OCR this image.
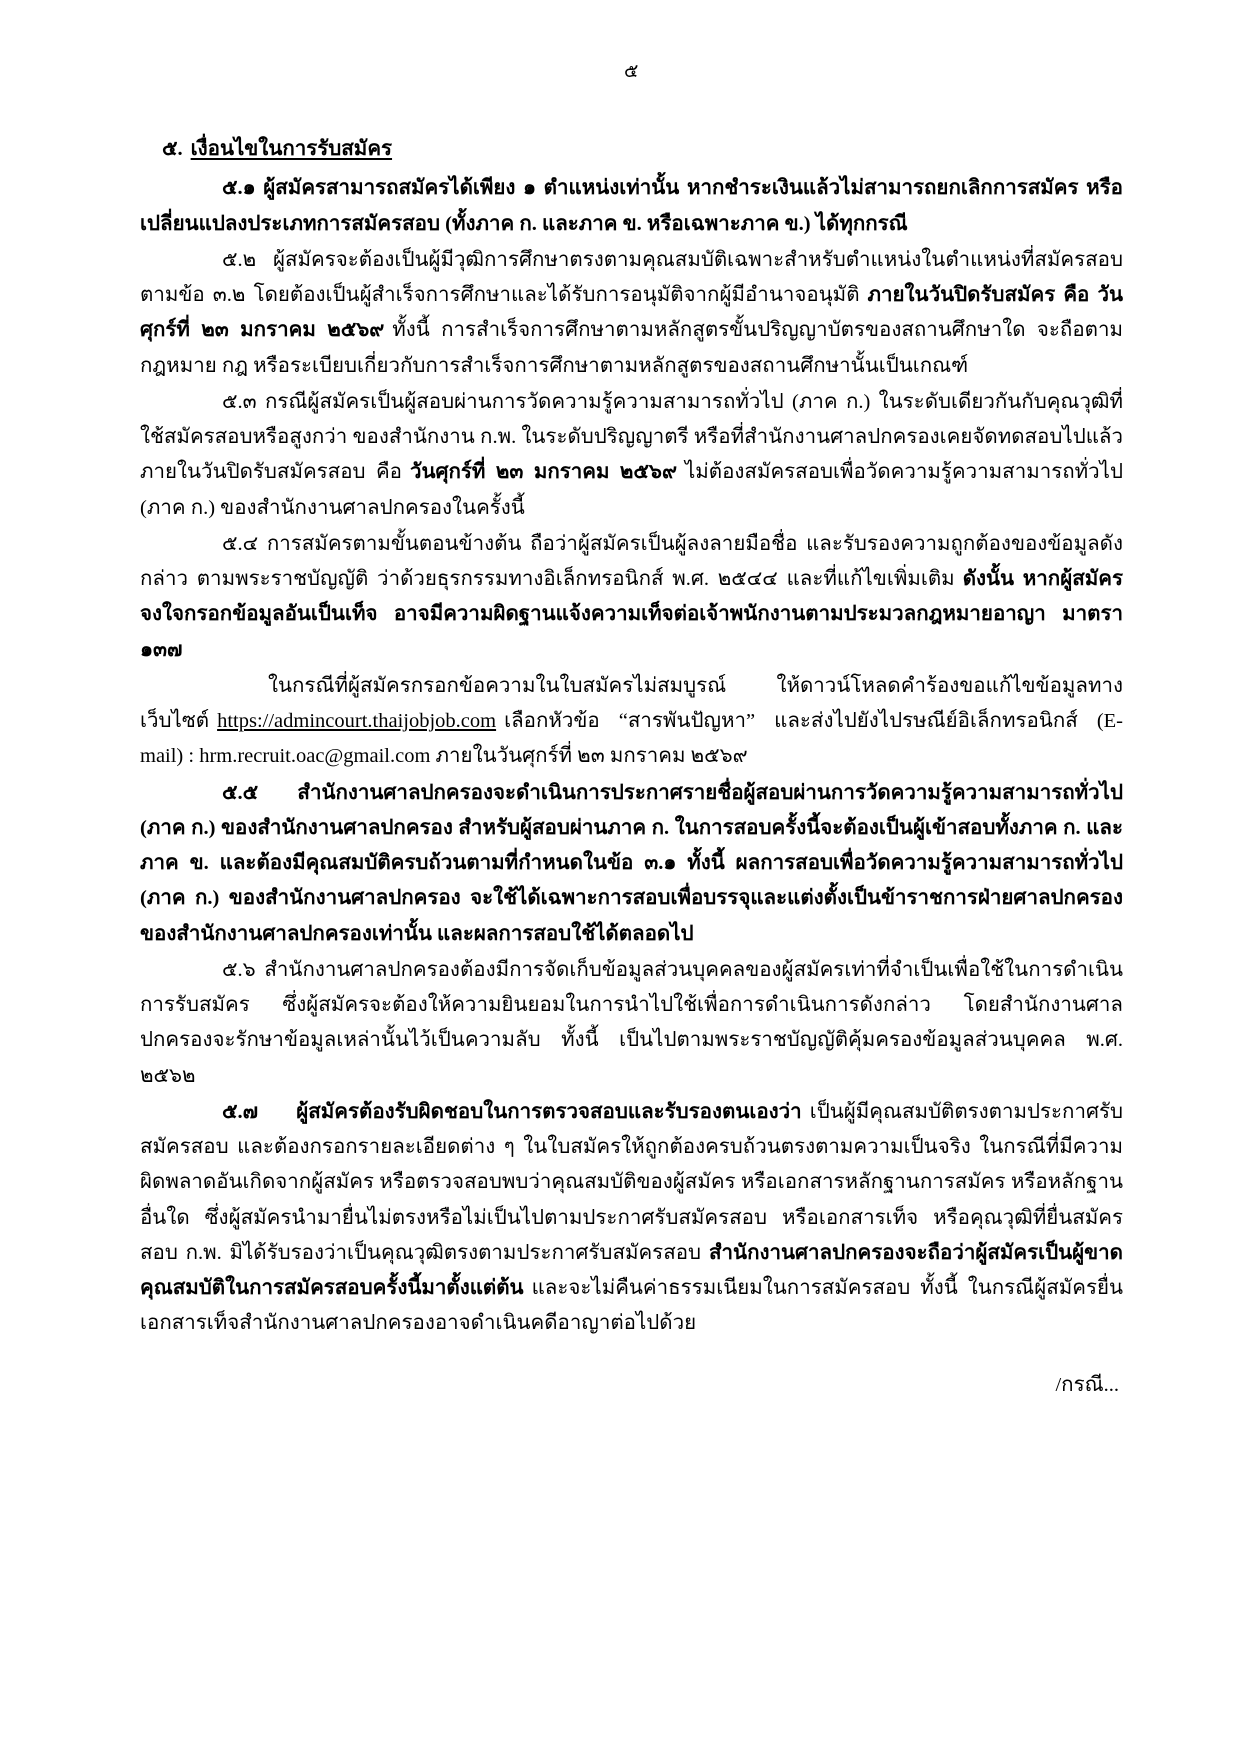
๕
๕. เงื่อนไขในการรับสมัคร

๕.๑ ผู้สมัครสามารถสมัครได้เพียง ๑ ตำแหน่งเท่านั้น หากชำระเงินแล้วไม่สามารถยกเลิกการสมัคร หรือเปลี่ยนแปลงประเภทการสมัครสอบ (ทั้งภาค ก. และภาค ข. หรือเฉพาะภาค ข.) ได้ทุกกรณี

๕.๒ ผู้สมัครจะต้องเป็นผู้มีวุฒิการศึกษาตรงตามคุณสมบัติเฉพาะสำหรับตำแหน่งในตำแหน่งที่สมัครสอบ ตามข้อ ๓.๒ โดยต้องเป็นผู้สำเร็จการศึกษาและได้รับการอนุมัติจากผู้มีอำนาจอนุมัติ ภายในวันปิดรับสมัคร คือ วันศุกร์ที่ ๒๓ มกราคม ๒๕๖๙ ทั้งนี้ การสำเร็จการศึกษาตามหลักสูตรขั้นปริญญาบัตรของสถานศึกษาใด จะถือตามกฎหมาย กฎ หรือระเบียบเกี่ยวกับการสำเร็จการศึกษาตามหลักสูตรของสถานศึกษานั้นเป็นเกณฑ์

๕.๓ กรณีผู้สมัครเป็นผู้สอบผ่านการวัดความรู้ความสามารถทั่วไป (ภาค ก.) ในระดับเดียวกันกับคุณวุฒิที่ใช้สมัครสอบหรือสูงกว่า ของสำนักงาน ก.พ. ในระดับปริญญาตรี หรือที่สำนักงานศาลปกครองเคยจัดทดสอบไปแล้ว ภายในวันปิดรับสมัครสอบ คือ วันศุกร์ที่ ๒๓ มกราคม ๒๕๖๙ ไม่ต้องสมัครสอบเพื่อวัดความรู้ความสามารถทั่วไป (ภาค ก.) ของสำนักงานศาลปกครองในครั้งนี้

๕.๔ การสมัครตามขั้นตอนข้างต้น ถือว่าผู้สมัครเป็นผู้ลงลายมือชื่อ และรับรองความถูกต้องของข้อมูลดังกล่าว ตามพระราชบัญญัติ ว่าด้วยธุรกรรมทางอิเล็กทรอนิกส์ พ.ศ. ๒๕๔๔ และที่แก้ไขเพิ่มเติม ดังนั้น หากผู้สมัครจงใจกรอกข้อมูลอันเป็นเท็จ อาจมีความผิดฐานแจ้งความเท็จต่อเจ้าพนักงานตามประมวลกฎหมายอาญา มาตรา ๑๓๗

ในกรณีที่ผู้สมัครกรอกข้อความในใบสมัครไม่สมบูรณ์ ให้ดาวน์โหลดคำร้องขอแก้ไขข้อมูลทางเว็บไซต์ https://admincourt.thaijobjob.com เลือกหัวข้อ “สารพันปัญหา” และส่งไปยังไปรษณีย์อิเล็กทรอนิกส์ (E-mail) : hrm.recruit.oac@gmail.com ภายในวันศุกร์ที่ ๒๓ มกราคม ๒๕๖๙

๕.๕ สำนักงานศาลปกครองจะดำเนินการประกาศรายชื่อผู้สอบผ่านการวัดความรู้ความสามารถทั่วไป (ภาค ก.) ของสำนักงานศาลปกครอง สำหรับผู้สอบผ่านภาค ก. ในการสอบครั้งนี้จะต้องเป็นผู้เข้าสอบทั้งภาค ก. และภาค ข. และต้องมีคุณสมบัติครบถ้วนตามที่กำหนดในข้อ ๓.๑ ทั้งนี้ ผลการสอบเพื่อวัดความรู้ความสามารถทั่วไป (ภาค ก.) ของสำนักงานศาลปกครอง จะใช้ได้เฉพาะการสอบเพื่อบรรจุและแต่งตั้งเป็นข้าราชการฝ่ายศาลปกครองของสำนักงานศาลปกครองเท่านั้น และผลการสอบใช้ได้ตลอดไป

๕.๖ สำนักงานศาลปกครองต้องมีการจัดเก็บข้อมูลส่วนบุคคลของผู้สมัครเท่าที่จำเป็นเพื่อใช้ในการดำเนินการรับสมัคร ซึ่งผู้สมัครจะต้องให้ความยินยอมในการนำไปใช้เพื่อการดำเนินการดังกล่าว โดยสำนักงานศาลปกครองจะรักษาข้อมูลเหล่านั้นไว้เป็นความลับ ทั้งนี้ เป็นไปตามพระราชบัญญัติคุ้มครองข้อมูลส่วนบุคคล พ.ศ. ๒๕๖๒

๕.๗ ผู้สมัครต้องรับผิดชอบในการตรวจสอบและรับรองตนเองว่า เป็นผู้มีคุณสมบัติตรงตามประกาศรับสมัครสอบ และต้องกรอกรายละเอียดต่าง ๆ ในใบสมัครให้ถูกต้องครบถ้วนตรงตามความเป็นจริง ในกรณีที่มีความผิดพลาดอันเกิดจากผู้สมัคร หรือตรวจสอบพบว่าคุณสมบัติของผู้สมัคร หรือเอกสารหลักฐานการสมัคร หรือหลักฐานอื่นใด ซึ่งผู้สมัครนำมายื่นไม่ตรงหรือไม่เป็นไปตามประกาศรับสมัครสอบ หรือเอกสารเท็จ หรือคุณวุฒิที่ยื่นสมัครสอบ ก.พ. มิได้รับรองว่าเป็นคุณวุฒิตรงตามประกาศรับสมัครสอบ สำนักงานศาลปกครองจะถือว่าผู้สมัครเป็นผู้ขาดคุณสมบัติในการสมัครสอบครั้งนี้มาตั้งแต่ต้น และจะไม่คืนค่าธรรมเนียมในการสมัครสอบ ทั้งนี้ ในกรณีผู้สมัครยื่นเอกสารเท็จสำนักงานศาลปกครองอาจดำเนินคดีอาญาต่อไปด้วย

/กรณี...
